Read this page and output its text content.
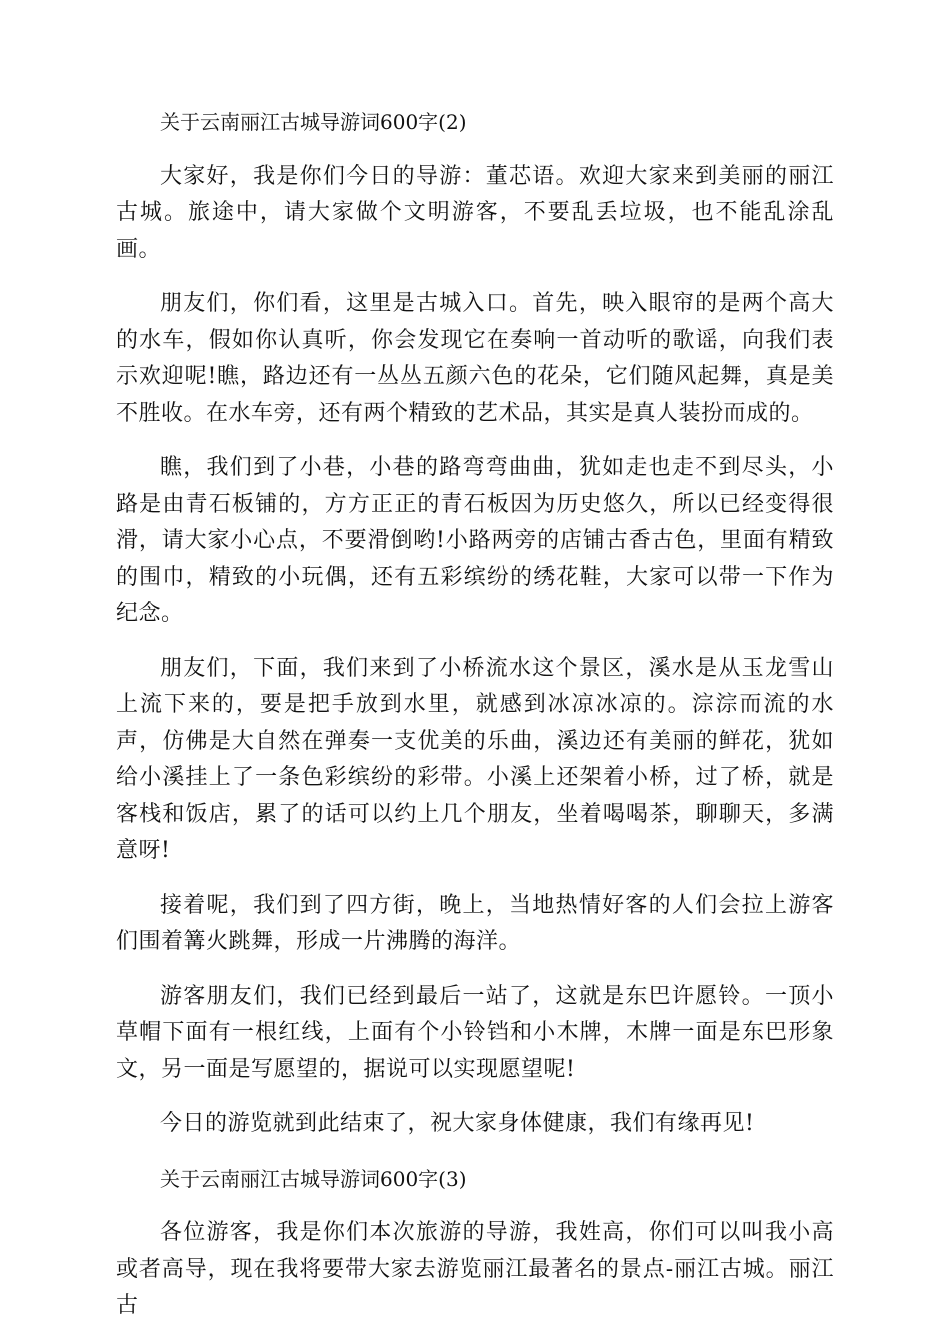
关于云南丽江古城导游词600字(2)

大家好，我是你们今日的导游：董芯语。欢迎大家来到美丽的丽江古城。旅途中，请大家做个文明游客，不要乱丢垃圾，也不能乱涂乱画。

朋友们，你们看，这里是古城入口。首先，映入眼帘的是两个高大的水车，假如你认真听，你会发现它在奏响一首动听的歌谣，向我们表示欢迎呢!瞧，路边还有一丛丛五颜六色的花朵，它们随风起舞，真是美不胜收。在水车旁，还有两个精致的艺术品，其实是真人装扮而成的。

瞧，我们到了小巷，小巷的路弯弯曲曲，犹如走也走不到尽头，小路是由青石板铺的，方方正正的青石板因为历史悠久，所以已经变得很滑，请大家小心点，不要滑倒哟!小路两旁的店铺古香古色，里面有精致的围巾，精致的小玩偶，还有五彩缤纷的绣花鞋，大家可以带一下作为纪念。

朋友们，下面，我们来到了小桥流水这个景区，溪水是从玉龙雪山上流下来的，要是把手放到水里，就感到冰凉冰凉的。淙淙而流的水声，仿佛是大自然在弹奏一支优美的乐曲，溪边还有美丽的鲜花，犹如给小溪挂上了一条色彩缤纷的彩带。小溪上还架着小桥，过了桥，就是客栈和饭店，累了的话可以约上几个朋友，坐着喝喝茶，聊聊天，多满意呀!

接着呢，我们到了四方街，晚上，当地热情好客的人们会拉上游客们围着篝火跳舞，形成一片沸腾的海洋。

游客朋友们，我们已经到最后一站了，这就是东巴许愿铃。一顶小草帽下面有一根红线，上面有个小铃铛和小木牌，木牌一面是东巴形象文，另一面是写愿望的，据说可以实现愿望呢!

今日的游览就到此结束了，祝大家身体健康，我们有缘再见!

关于云南丽江古城导游词600字(3)

各位游客，我是你们本次旅游的导游，我姓高，你们可以叫我小高或者高导，现在我将要带大家去游览丽江最著名的景点-丽江古城。丽江古
